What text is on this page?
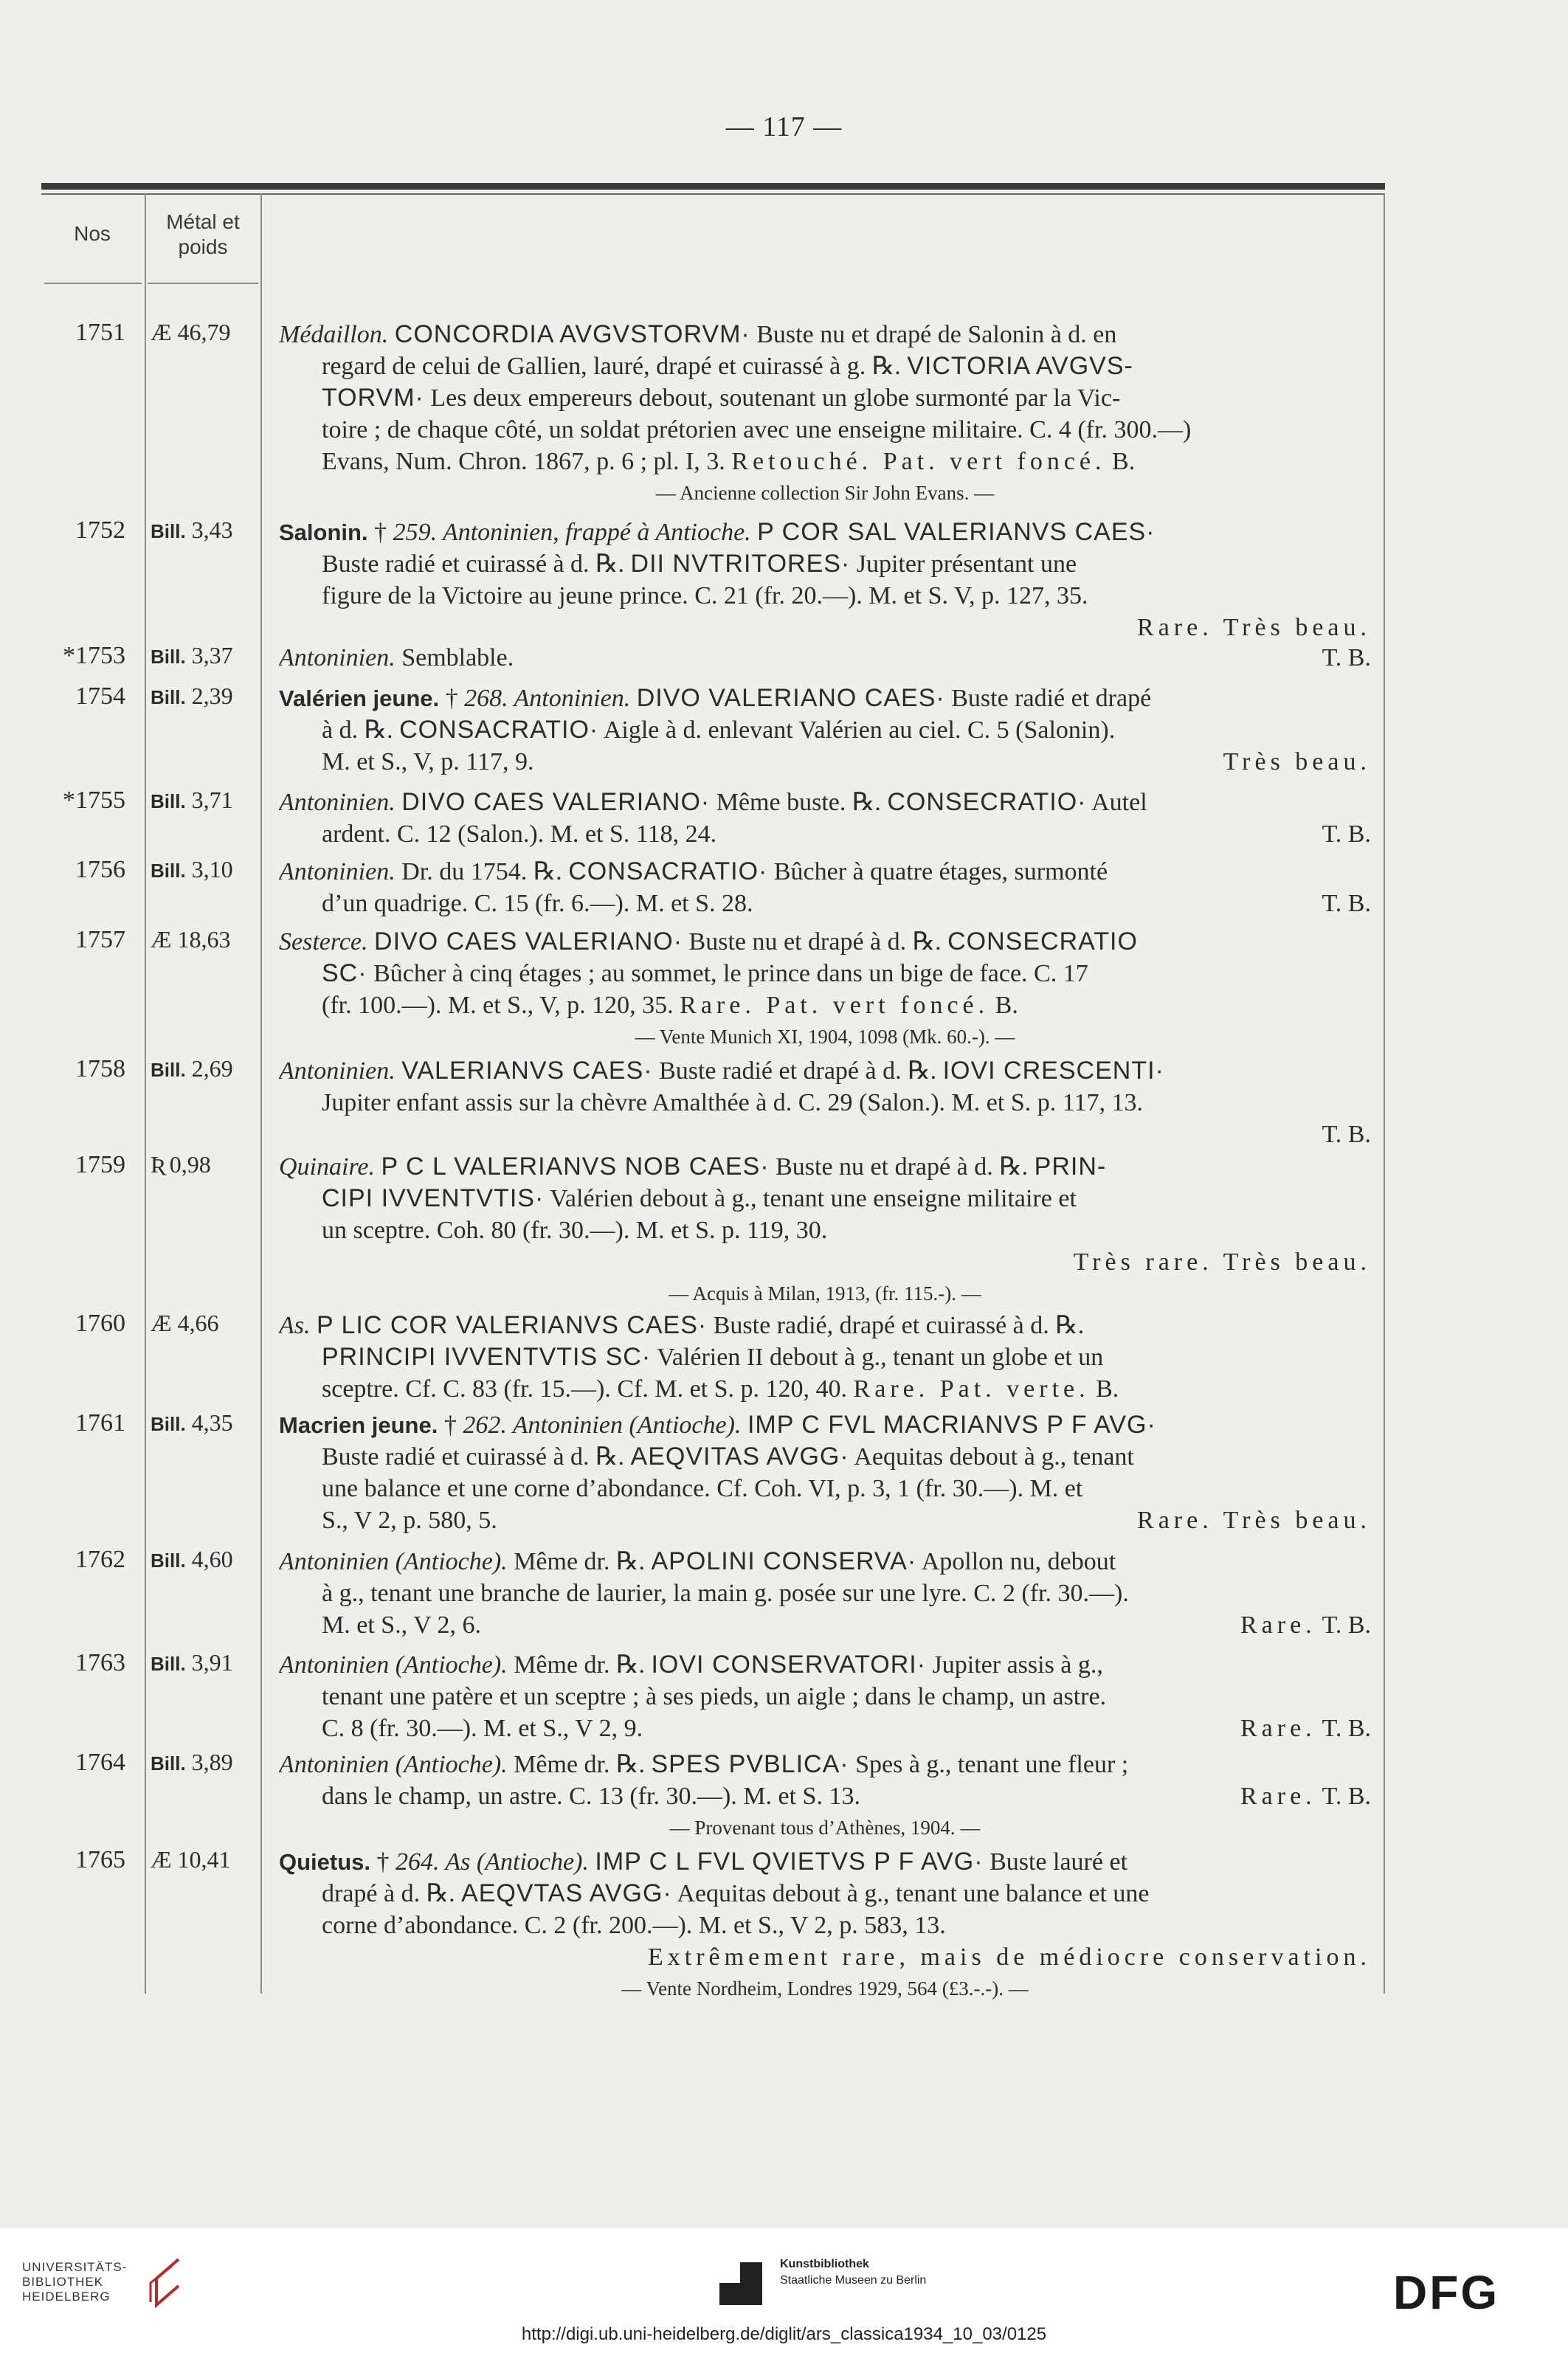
— 117 —
Nos
Métal et
poids
1751 Æ 46,79	Médaillon. CONCORDIA AVGVSTORVM· Buste nu et drapé de Salonin à d. en
regard de celui de Gallien, lauré, drapé et cuirassé à g. ℞. VICTORIA AVGVS-
TORVM· Les deux empereurs debout, soutenant un globe surmonté par la Vic-
toire ; de chaque côté, un soldat prétorien avec une enseigne militaire. C. 4 (fr. 300.—)
Evans, Num. Chron. 1867, p. 6 ; pl. I, 3. Retouché. Pat. vert foncé. B.
— Ancienne collection Sir John Evans. —
1752 Bill. 3,43	Salonin. † 259. Antoninien, frappé à Antioche. P COR SAL VALERIANVS CAES·
Buste radié et cuirassé à d. ℞. DII NVTRITORES· Jupiter présentant une
figure de la Victoire au jeune prince. C. 21 (fr. 20.—). M. et S. V, p. 127, 35.
Rare. Très beau.
*1753 Bill. 3,37	Antoninien. Semblable.	T. B.
1754 Bill. 2,39	Valérien jeune. † 268. Antoninien. DIVO VALERIANO CAES· Buste radié et drapé
à d. ℞. CONSACRATIO· Aigle à d. enlevant Valérien au ciel. C. 5 (Salonin).
M. et S., V, p. 117, 9.	Très beau.
*1755 Bill. 3,71	Antoninien. DIVO CAES VALERIANO· Même buste. ℞. CONSECRATIO· Autel
ardent. C. 12 (Salon.). M. et S. 118, 24.	T. B.
1756 Bill. 3,10	Antoninien. Dr. du 1754. ℞. CONSACRATIO· Bûcher à quatre étages, surmonté
d’un quadrige. C. 15 (fr. 6.—). M. et S. 28.	T. B.
1757 Æ 18,63	Sesterce. DIVO CAES VALERIANO· Buste nu et drapé à d. ℞. CONSECRATIO
SC· Bûcher à cinq étages ; au sommet, le prince dans un bige de face. C. 17
(fr. 100.—). M. et S., V, p. 120, 35. Rare. Pat. vert foncé. B.
— Vente Munich XI, 1904, 1098 (Mk. 60.-). —
1758 Bill. 2,69	Antoninien. VALERIANVS CAES· Buste radié et drapé à d. ℞. IOVI CRESCENTI·
Jupiter enfant assis sur la chèvre Amalthée à d. C. 29 (Salon.). M. et S. p. 117, 13.
T. B.
1759 Ʀ 0,98	Quinaire. P C L VALERIANVS NOB CAES· Buste nu et drapé à d. ℞. PRIN-
CIPI IVVENTVTIS· Valérien debout à g., tenant une enseigne militaire et
un sceptre. Coh. 80 (fr. 30.—). M. et S. p. 119, 30.
Très rare. Très beau.
— Acquis à Milan, 1913, (fr. 115.-). —
1760 Æ 4,66	As. P LIC COR VALERIANVS CAES· Buste radié, drapé et cuirassé à d. ℞.
PRINCIPI IVVENTVTIS SC· Valérien II debout à g., tenant un globe et un
sceptre. Cf. C. 83 (fr. 15.—). Cf. M. et S. p. 120, 40. Rare. Pat. verte. B.
1761 Bill. 4,35	Macrien jeune. † 262. Antoninien (Antioche). IMP C FVL MACRIANVS P F AVG·
Buste radié et cuirassé à d. ℞. AEQVITAS AVGG· Aequitas debout à g., tenant
une balance et une corne d’abondance. Cf. Coh. VI, p. 3, 1 (fr. 30.—). M. et
S., V 2, p. 580, 5.	Rare. Très beau.
1762 Bill. 4,60	Antoninien (Antioche). Même dr. ℞. APOLINI CONSERVA· Apollon nu, debout
à g., tenant une branche de laurier, la main g. posée sur une lyre. C. 2 (fr. 30.—).
M. et S., V 2, 6.	Rare. T. B.
1763 Bill. 3,91	Antoninien (Antioche). Même dr. ℞. IOVI CONSERVATORI· Jupiter assis à g.,
tenant une patère et un sceptre ; à ses pieds, un aigle ; dans le champ, un astre.
C. 8 (fr. 30.—). M. et S., V 2, 9.	Rare. T. B.
1764 Bill. 3,89	Antoninien (Antioche). Même dr. ℞. SPES PVBLICA· Spes à g., tenant une fleur ;
dans le champ, un astre. C. 13 (fr. 30.—). M. et S. 13.	Rare. T. B.
— Provenant tous d’Athènes, 1904. —
1765 Æ 10,41	Quietus. † 264. As (Antioche). IMP C L FVL QVIETVS P F AVG· Buste lauré et
drapé à d. ℞. AEQVTAS AVGG· Aequitas debout à g., tenant une balance et une
corne d’abondance. C. 2 (fr. 200.—). M. et S., V 2, p. 583, 13.
Extrêmement rare, mais de médiocre conservation.
— Vente Nordheim, Londres 1929, 564 (£3.-.-). —
UNIVERSITÄTS-
BIBLIOTHEK
HEIDELBERG
Kunstbibliothek
Staatliche Museen zu Berlin	DFG
http://digi.ub.uni-heidelberg.de/diglit/ars_classica1934_10_03/0125
